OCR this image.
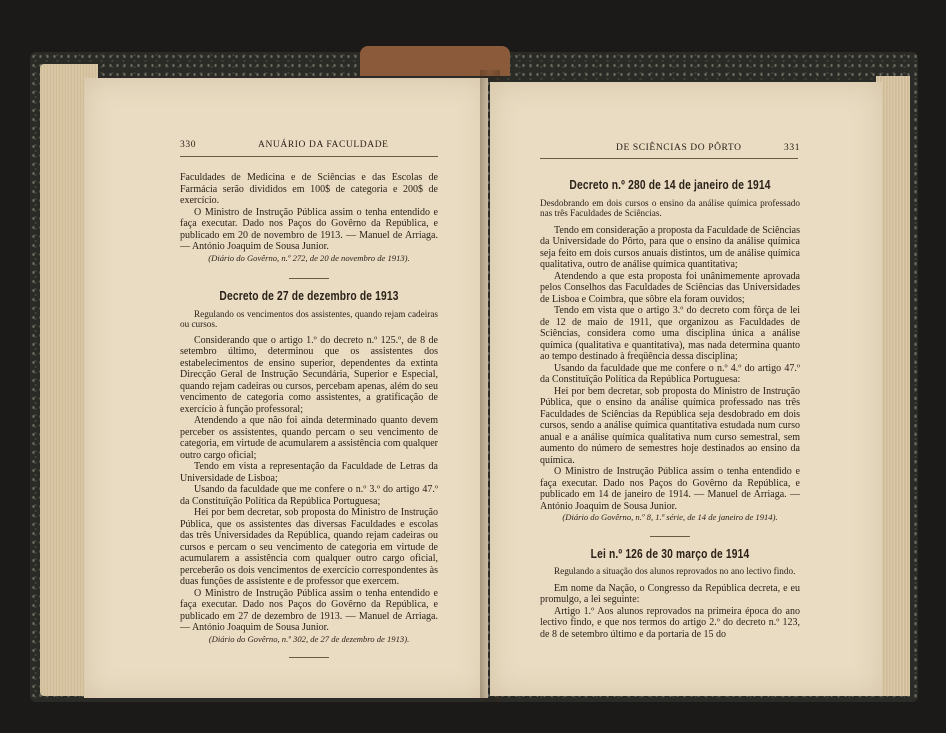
330	ANUÁRIO DA FACULDADE

Faculdades de Medicina e de Sciências e das Escolas de Farmácia serão divididos em 100$ de categoria e 200$ de exercício.

O Ministro de Instrução Pública assim o tenha entendido e faça executar. Dado nos Paços do Govêrno da República, e publicado em 20 de novembro de 1913. — Manuel de Arriaga. — António Joaquim de Sousa Junior.

(Diário do Govêrno, n.º 272, de 20 de novembro de 1913).

Decreto de 27 de dezembro de 1913

Regulando os vencimentos dos assistentes, quando rejam cadeiras ou cursos.

Considerando que o artigo 1.º do decreto n.º 125.º, de 8 de setembro último, determinou que os assistentes dos estabelecimentos de ensino superior, dependentes da extinta Direcção Geral de Instrução Secundária, Superior e Especial, quando rejam cadeiras ou cursos, percebam apenas, além do seu vencimento de categoria como assistentes, a gratificação de exercício à função professoral;

Atendendo a que não foi ainda determinado quanto devem perceber os assistentes, quando percam o seu vencimento de categoria, em virtude de acumularem a assistência com qualquer outro cargo oficial;

Tendo em vista a representação da Faculdade de Letras da Universidade de Lisboa;

Usando da faculdade que me confere o n.º 3.º do artigo 47.º da Constituïção Política da República Portuguesa;

Hei por bem decretar, sob proposta do Ministro de Instrução Pública, que os assistentes das diversas Faculdades e escolas das três Universidades da República, quando rejam cadeiras ou cursos e percam o seu vencimento de categoria em virtude de acumularem a assistência com qualquer outro cargo oficial, perceberão os dois vencimentos de exercício correspondentes às duas funções de assistente e de professor que exercem.

O Ministro de Instrução Pública assim o tenha entendido e faça executar. Dado nos Paços do Govêrno da República, e publicado em 27 de dezembro de 1913. — Manuel de Arriaga. — António Joaquim de Sousa Junior.

(Diário do Govêrno, n.º 302, de 27 de dezembro de 1913).

DE SCIÊNCIAS DO PÔRTO	331

Decreto n.º 280 de 14 de janeiro de 1914

Desdobrando em dois cursos o ensino da análise química professado nas três Faculdades de Sciências.

Tendo em consideração a proposta da Faculdade de Sciências da Universidade do Pôrto, para que o ensino da análise química seja feito em dois cursos anuais distintos, um de análise química qualitativa, outro de análise química quantitativa;

Atendendo a que esta proposta foi unânimemente aprovada pelos Conselhos das Faculdades de Sciências das Universidades de Lisboa e Coimbra, que sôbre ela foram ouvidos;

Tendo em vista que o artigo 3.º do decreto com fôrça de lei de 12 de maio de 1911, que organizou as Faculdades de Sciências, considera como uma disciplina única a análise química (qualitativa e quantitativa), mas nada determina quanto ao tempo destinado à freqüência dessa disciplina;

Usando da faculdade que me confere o n.º 4.º do artigo 47.º da Constituïção Política da República Portuguesa:

Hei por bem decretar, sob proposta do Ministro de Instrução Pública, que o ensino da análise química professado nas três Faculdades de Sciências da República seja desdobrado em dois cursos, sendo a análise química quantitativa estudada num curso anual e a análise química qualitativa num curso semestral, sem aumento do número de semestres hoje destinados ao ensino da química.

O Ministro de Instrução Pública assim o tenha entendido e faça executar. Dado nos Paços do Govêrno da República, e publicado em 14 de janeiro de 1914. — Manuel de Arriaga. — António Joaquim de Sousa Junior.

(Diário do Govêrno, n.º 8, 1.ª série, de 14 de janeiro de 1914).

Lei n.º 126 de 30 março de 1914

Regulando a situação dos alunos reprovados no ano lectivo findo.

Em nome da Nação, o Congresso da República decreta, e eu promulgo, a lei seguinte:

Artigo 1.º Aos alunos reprovados na primeira época do ano lectivo findo, e que nos termos do artigo 2.º do decreto n.º 123, de 8 de setembro último e da portaria de 15 do
